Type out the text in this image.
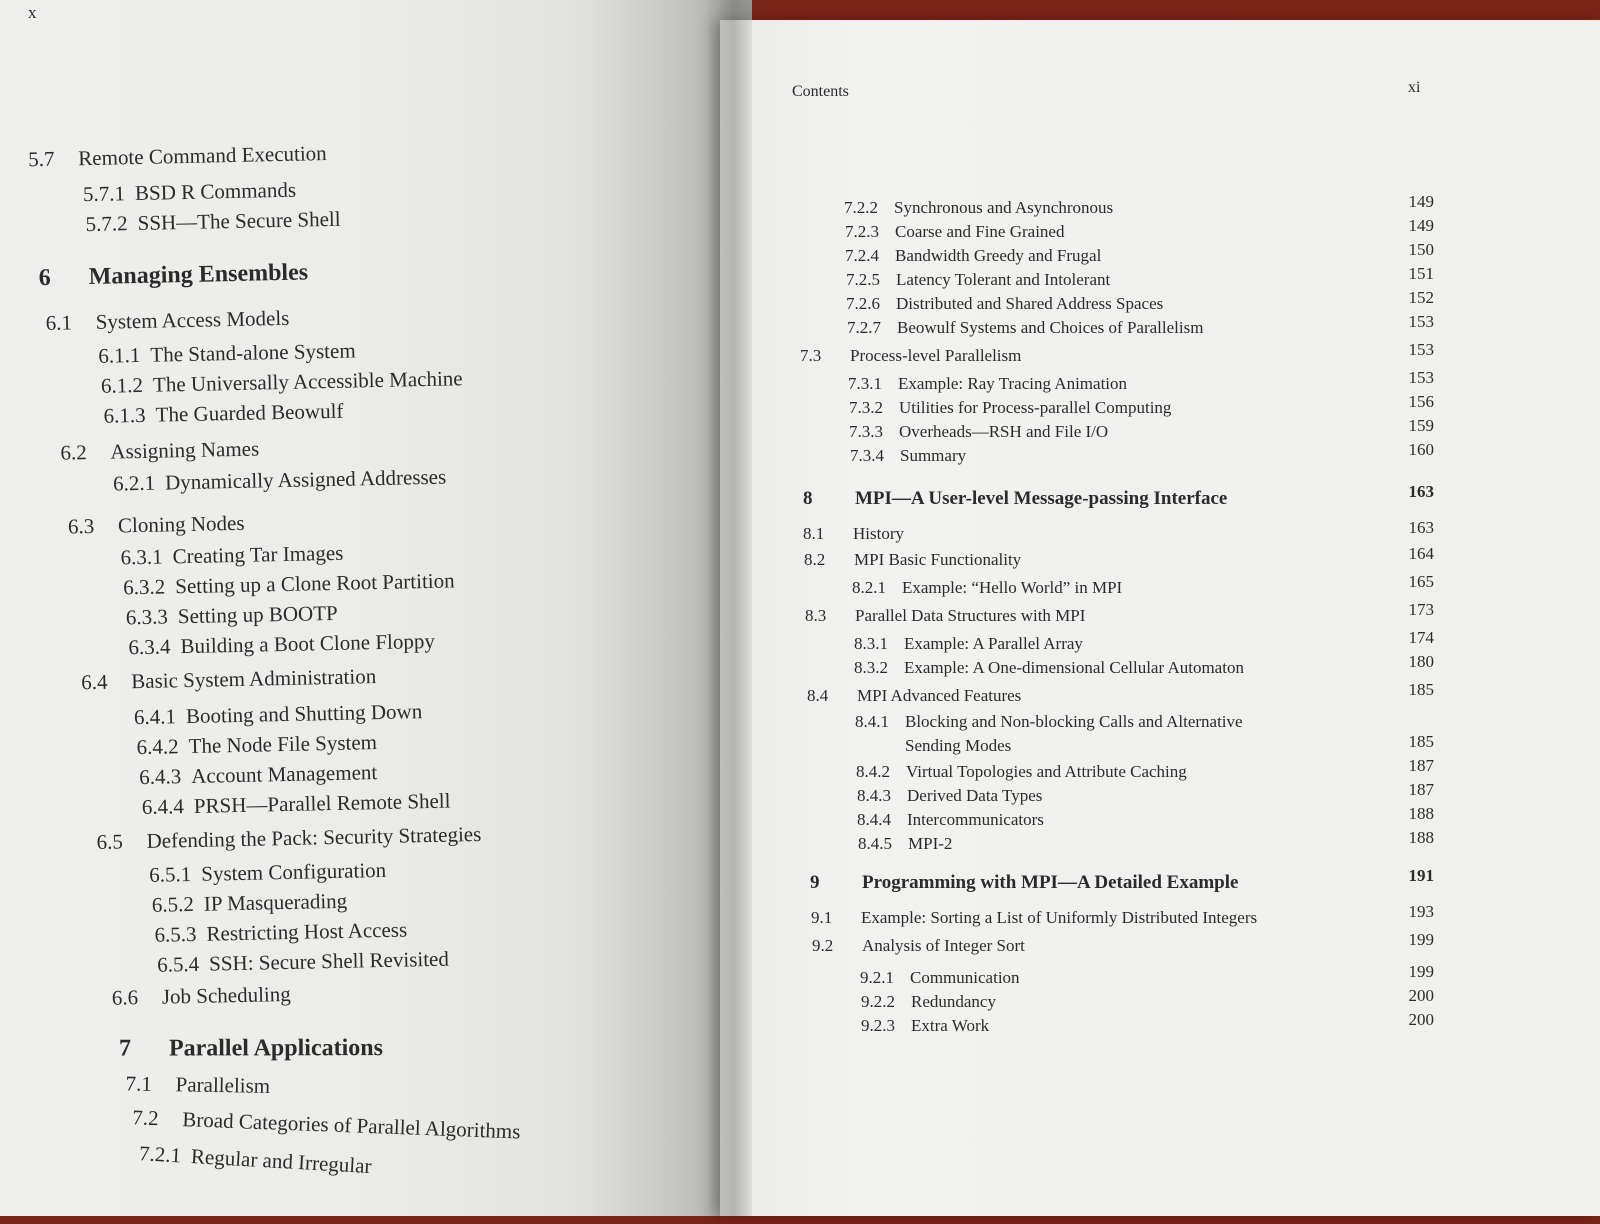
x
5.7	Remote Command Execution
5.7.1 BSD R Commands
5.7.2 SSH—The Secure Shell
6	Managing Ensembles
6.1	System Access Models
6.1.1 The Stand-alone System
6.1.2 The Universally Accessible Machine
6.1.3 The Guarded Beowulf
6.2	Assigning Names
6.2.1 Dynamically Assigned Addresses
6.3	Cloning Nodes
6.3.1 Creating Tar Images
6.3.2 Setting up a Clone Root Partition
6.3.3 Setting up BOOTP
6.3.4 Building a Boot Clone Floppy
6.4	Basic System Administration
6.4.1 Booting and Shutting Down
6.4.2 The Node File System
6.4.3 Account Management
6.4.4 PRSH—Parallel Remote Shell
6.5	Defending the Pack: Security Strategies
6.5.1 System Configuration
6.5.2 IP Masquerading
6.5.3 Restricting Host Access
6.5.4 SSH: Secure Shell Revisited
6.6	Job Scheduling
7	Parallel Applications
7.1	Parallelism
7.2	Broad Categories of Parallel Algorithms
7.2.1 Regular and Irregular
Contents	xi
7.2.2 Synchronous and Asynchronous	149
7.2.3 Coarse and Fine Grained	149
7.2.4 Bandwidth Greedy and Frugal	150
7.2.5 Latency Tolerant and Intolerant	151
7.2.6 Distributed and Shared Address Spaces	152
7.2.7 Beowulf Systems and Choices of Parallelism	153
7.3 Process-level Parallelism	153
7.3.1 Example: Ray Tracing Animation	153
7.3.2 Utilities for Process-parallel Computing	156
7.3.3 Overheads—RSH and File I/O	159
7.3.4 Summary	160
8 MPI—A User-level Message-passing Interface	163
8.1 History	163
8.2 MPI Basic Functionality	164
8.2.1 Example: “Hello World” in MPI	165
8.3 Parallel Data Structures with MPI	173
8.3.1 Example: A Parallel Array	174
8.3.2 Example: A One-dimensional Cellular Automaton	180
8.4 MPI Advanced Features	185
8.4.1 Blocking and Non-blocking Calls and Alternative
Sending Modes	185
8.4.2 Virtual Topologies and Attribute Caching	187
8.4.3 Derived Data Types	187
8.4.4 Intercommunicators	188
8.4.5 MPI-2	188
9 Programming with MPI—A Detailed Example	191
9.1 Example: Sorting a List of Uniformly Distributed Integers	193
9.2 Analysis of Integer Sort	199
9.2.1 Communication	199
9.2.2 Redundancy	200
9.2.3 Extra Work	200
